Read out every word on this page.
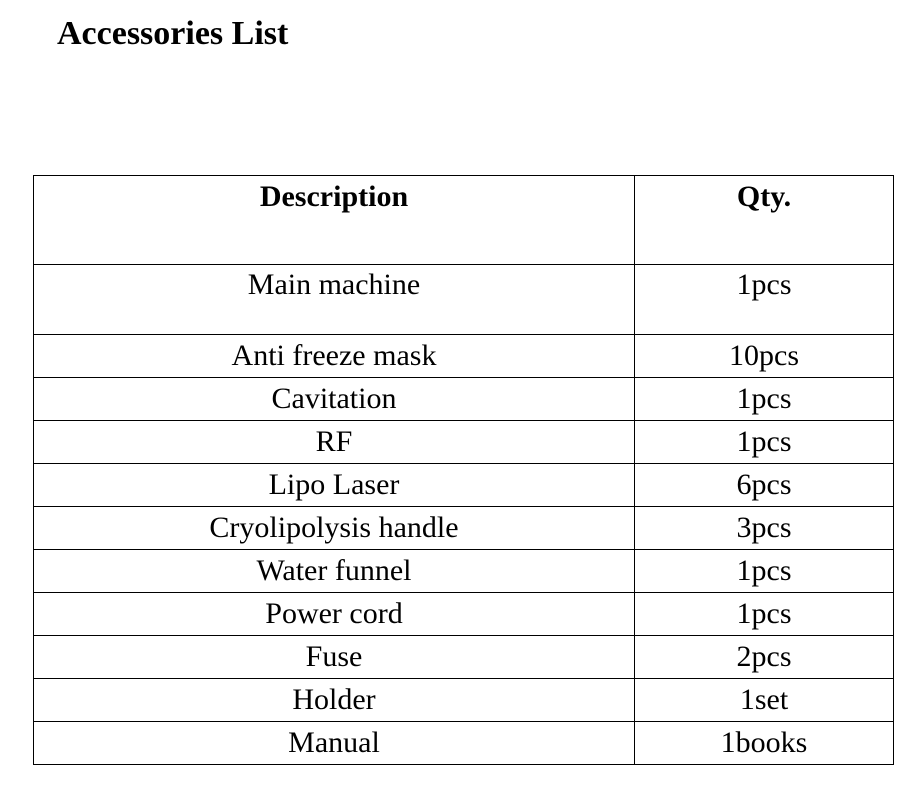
Accessories List
Description	Qty.
Main machine	1pcs
Anti freeze mask	10pcs
Cavitation	1pcs
RF	1pcs
Lipo Laser	6pcs
Cryolipolysis handle	3pcs
Water funnel	1pcs
Power cord	1pcs
Fuse	2pcs
Holder	1set
Manual	1books
